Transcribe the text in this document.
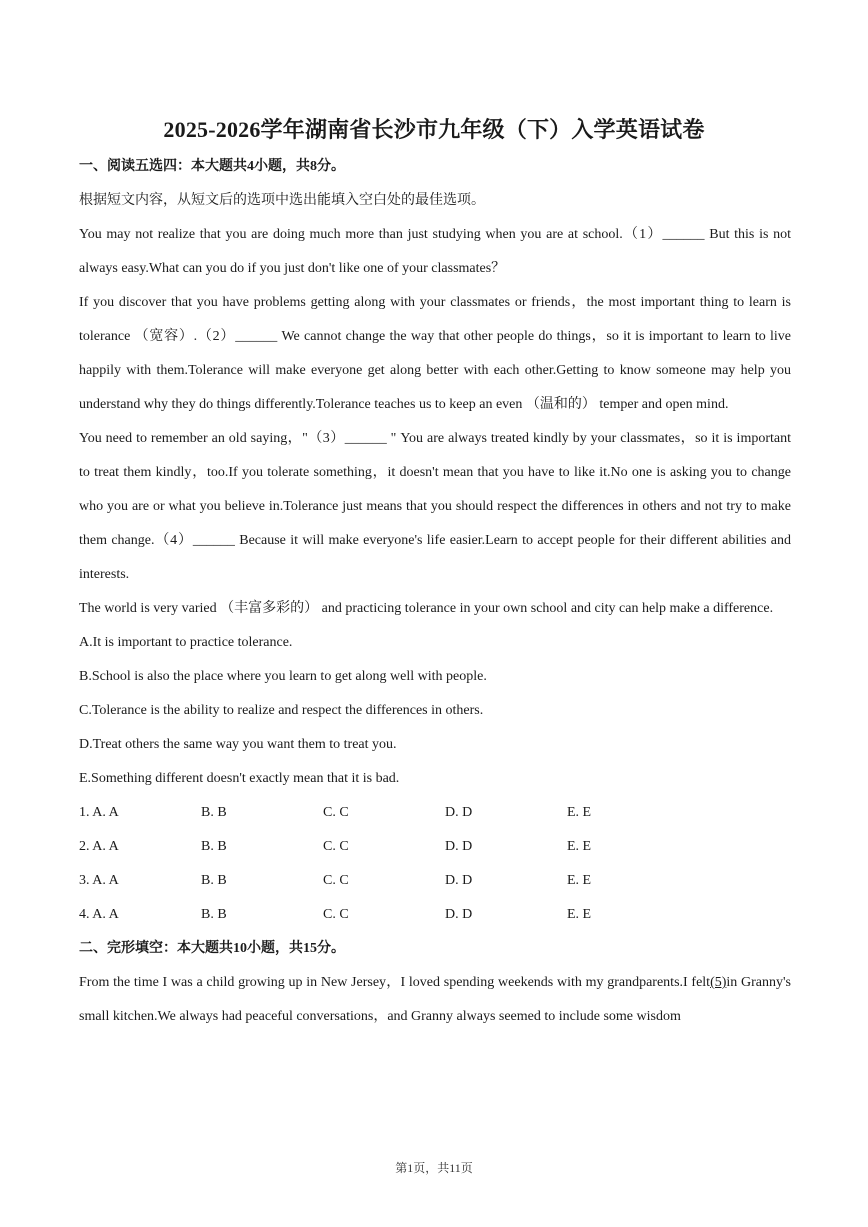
2025-2026学年湖南省长沙市九年级（下）入学英语试卷

一、阅读五选四：本大题共4小题，共8分。

根据短文内容，从短文后的选项中选出能填入空白处的最佳选项。

You may not realize that you are doing much more than just studying when you are at school.（1）______ But this is not always easy.What can you do if you just don't like one of your classmates？

If you discover that you have problems getting along with your classmates or friends，the most important thing to learn is tolerance （宽容）.（2）______ We cannot change the way that other people do things，so it is important to learn to live happily with them.Tolerance will make everyone get along better with each other.Getting to know someone may help you understand why they do things differently.Tolerance teaches us to keep an even （温和的） temper and open mind.

You need to remember an old saying，"（3）______ " You are always treated kindly by your classmates，so it is important to treat them kindly，too.If you tolerate something，it doesn't mean that you have to like it.No one is asking you to change who you are or what you believe in.Tolerance just means that you should respect the differences in others and not try to make them change.（4）______ Because it will make everyone's life easier.Learn to accept people for their different abilities and interests.

The world is very varied （丰富多彩的） and practicing tolerance in your own school and city can help make a difference.

A.It is important to practice tolerance.

B.School is also the place where you learn to get along well with people.

C.Tolerance is the ability to realize and respect the differences in others.

D.Treat others the same way you want them to treat you.

E.Something different doesn't exactly mean that it is bad.

1. A. A	B. B	C. C	D. D	E. E
2. A. A	B. B	C. C	D. D	E. E
3. A. A	B. B	C. C	D. D	E. E
4. A. A	B. B	C. C	D. D	E. E

二、完形填空：本大题共10小题，共15分。

From the time I was a child growing up in New Jersey，I loved spending weekends with my grandparents.I felt(5)in Granny's small kitchen.We always had peaceful conversations，and Granny always seemed to include some wisdom

第1页，共11页
